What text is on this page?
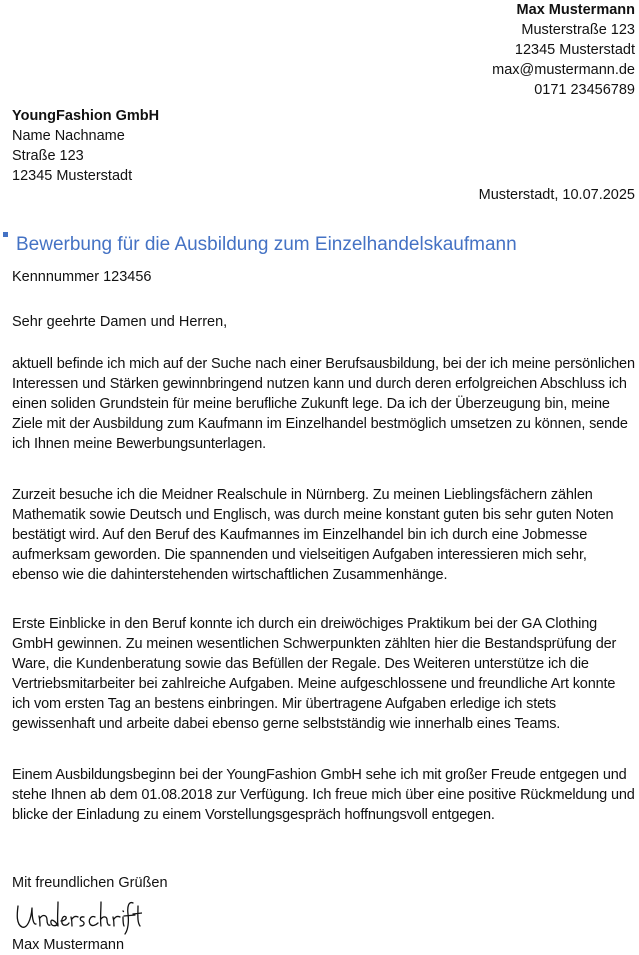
Max Mustermann
Musterstraße 123
12345 Musterstadt
max@mustermann.de
0171 23456789
YoungFashion GmbH
Name Nachname
Straße 123
12345 Musterstadt
Musterstadt, 10.07.2025
Bewerbung für die Ausbildung zum Einzelhandelskaufmann
Kennnummer 123456
Sehr geehrte Damen und Herren,

aktuell befinde ich mich auf der Suche nach einer Berufsausbildung, bei der ich meine persönlichen Interessen und Stärken gewinnbringend nutzen kann und durch deren erfolgreichen Abschluss ich einen soliden Grundstein für meine berufliche Zukunft lege. Da ich der Überzeugung bin, meine Ziele mit der Ausbildung zum Kaufmann im Einzelhandel bestmöglich umsetzen zu können, sende ich Ihnen meine Bewerbungsunterlagen.

Zurzeit besuche ich die Meidner Realschule in Nürnberg. Zu meinen Lieblingsfächern zählen Mathematik sowie Deutsch und Englisch, was durch meine konstant guten bis sehr guten Noten bestätigt wird. Auf den Beruf des Kaufmannes im Einzelhandel bin ich durch eine Jobmesse aufmerksam geworden. Die spannenden und vielseitigen Aufgaben interessieren mich sehr, ebenso wie die dahinterstehenden wirtschaftlichen Zusammenhänge.

Erste Einblicke in den Beruf konnte ich durch ein dreiwöchiges Praktikum bei der GA Clothing GmbH gewinnen. Zu meinen wesentlichen Schwerpunkten zählten hier die Bestandsprüfung der Ware, die Kundenberatung sowie das Befüllen der Regale. Des Weiteren unterstütze ich die Vertriebsmitarbeiter bei zahlreiche Aufgaben. Meine aufgeschlossene und freundliche Art konnte ich vom ersten Tag an bestens einbringen. Mir übertragene Aufgaben erledige ich stets gewissenhaft und arbeite dabei ebenso gerne selbstständig wie innerhalb eines Teams.

Einem Ausbildungsbeginn bei der YoungFashion GmbH sehe ich mit großer Freude entgegen und stehe Ihnen ab dem 01.08.2018 zur Verfügung. Ich freue mich über eine positive Rückmeldung und blicke der Einladung zu einem Vorstellungsgespräch hoffnungsvoll entgegen.

Mit freundlichen Grüßen
Max Mustermann
